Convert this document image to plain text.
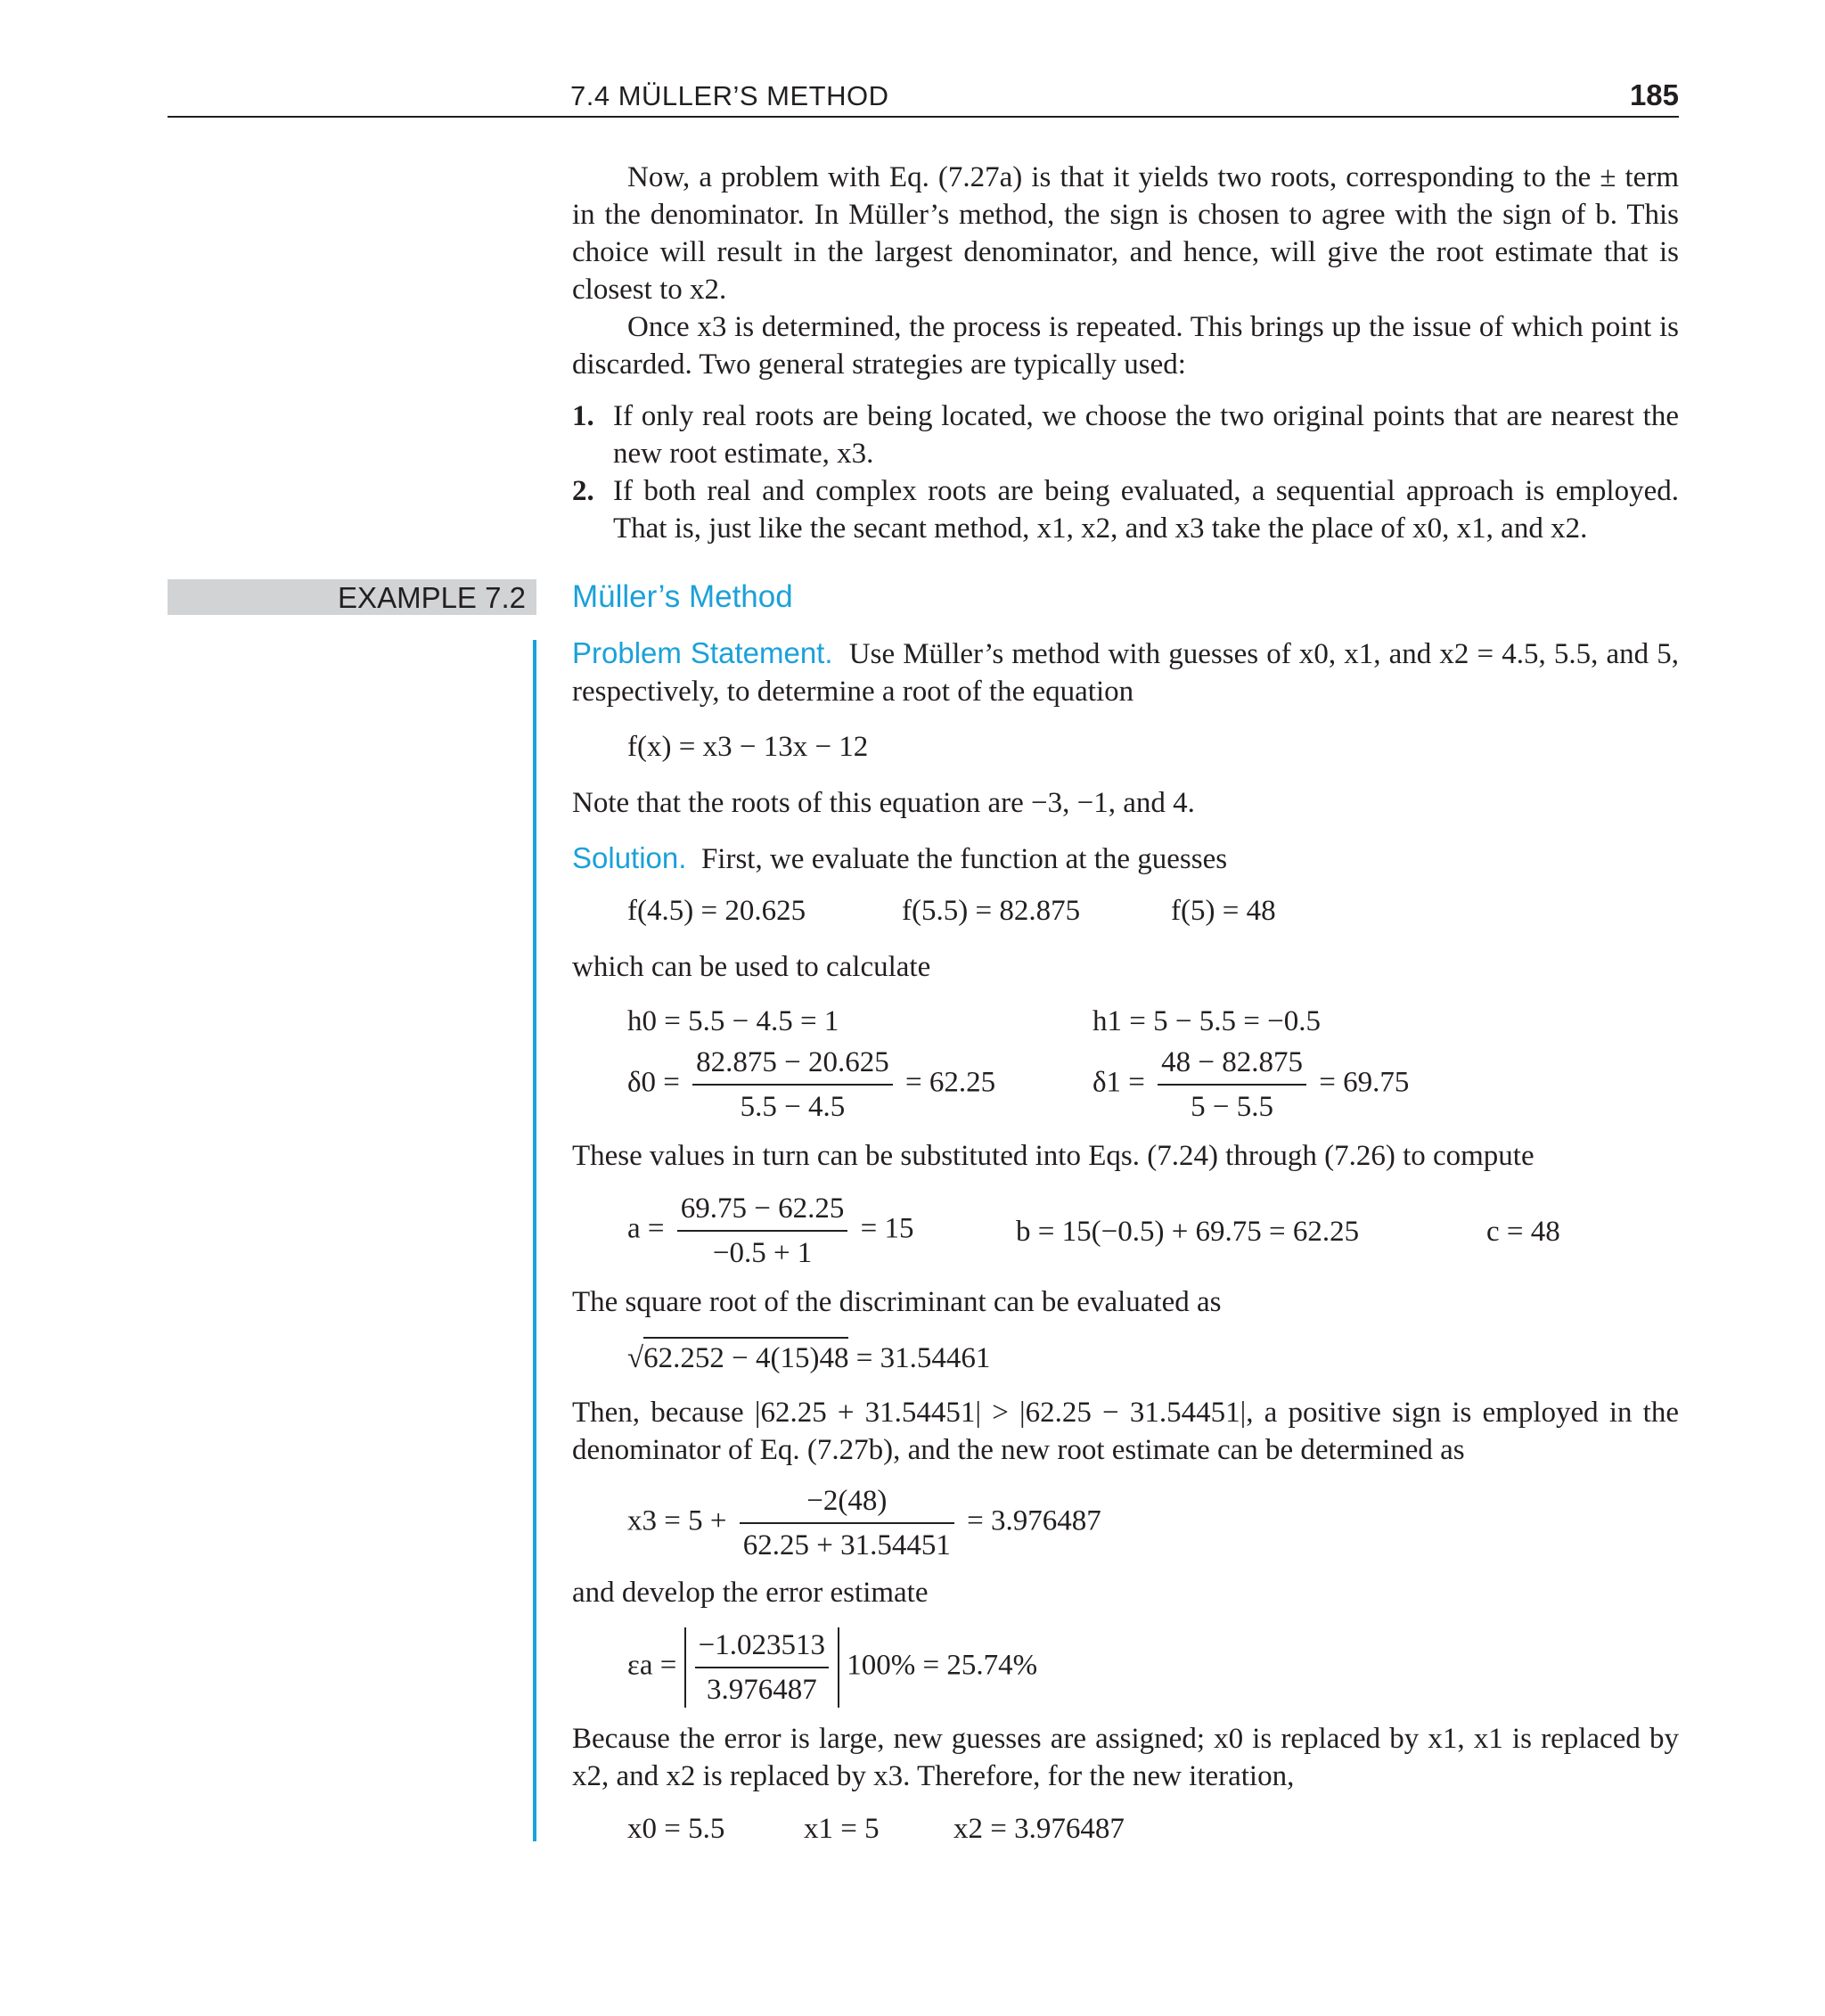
7.4 MÜLLER’S METHOD	185

Now, a problem with Eq. (7.27a) is that it yields two roots, corresponding to the ± term in the denominator. In Müller’s method, the sign is chosen to agree with the sign of b. This choice will result in the largest denominator, and hence, will give the root estimate that is closest to x2.

Once x3 is determined, the process is repeated. This brings up the issue of which point is discarded. Two general strategies are typically used:

1. If only real roots are being located, we choose the two original points that are nearest the new root estimate, x3.
2. If both real and complex roots are being evaluated, a sequential approach is employed. That is, just like the secant method, x1, x2, and x3 take the place of x0, x1, and x2.
EXAMPLE 7.2 Müller’s Method

Problem Statement. Use Müller’s method with guesses of x0, x1, and x2 = 4.5, 5.5, and 5, respectively, to determine a root of the equation

f(x) = x3 − 13x − 12
Note that the roots of this equation are −3, −1, and 4.
Solution. First, we evaluate the function at the guesses
f(4.5) = 20.625	f(5.5) = 82.875	f(5) = 48
which can be used to calculate
h0 = 5.5 − 4.5 = 1	h1 = 5 − 5.5 = −0.5
$\delta 0 = \frac{82.875 - 20.625}{5.5 - 4.5} = 62.25$	$\delta 1 = \frac{48 - 82.875}{5 - 5.5} = 69.75$
These values in turn can be substituted into Eqs. (7.24) through (7.26) to compute
$a = \frac{69.75 - 62.25}{-0.5 + 1} = 15$	b = 15(−0.5) + 69.75 = 62.25	c = 48
The square root of the discriminant can be evaluated as
√62.252 − 4(15)48 = 31.54461

Then, because |62.25 + 31.54451| > |62.25 − 31.54451|, a positive sign is employed in the denominator of Eq. (7.27b), and the new root estimate can be determined as

$x3 = 5 + \frac{-2(48)}{62.25 + 31.54451} = 3.976487$
and develop the error estimate
$\varepsilon a = \frac{-1.023513}{3.976487} 100\% = 25.74\%$

Because the error is large, new guesses are assigned; x0 is replaced by x1, x1 is replaced by x2, and x2 is replaced by x3. Therefore, for the new iteration,

x0 = 5.5	x1 = 5	x2 = 3.976487
